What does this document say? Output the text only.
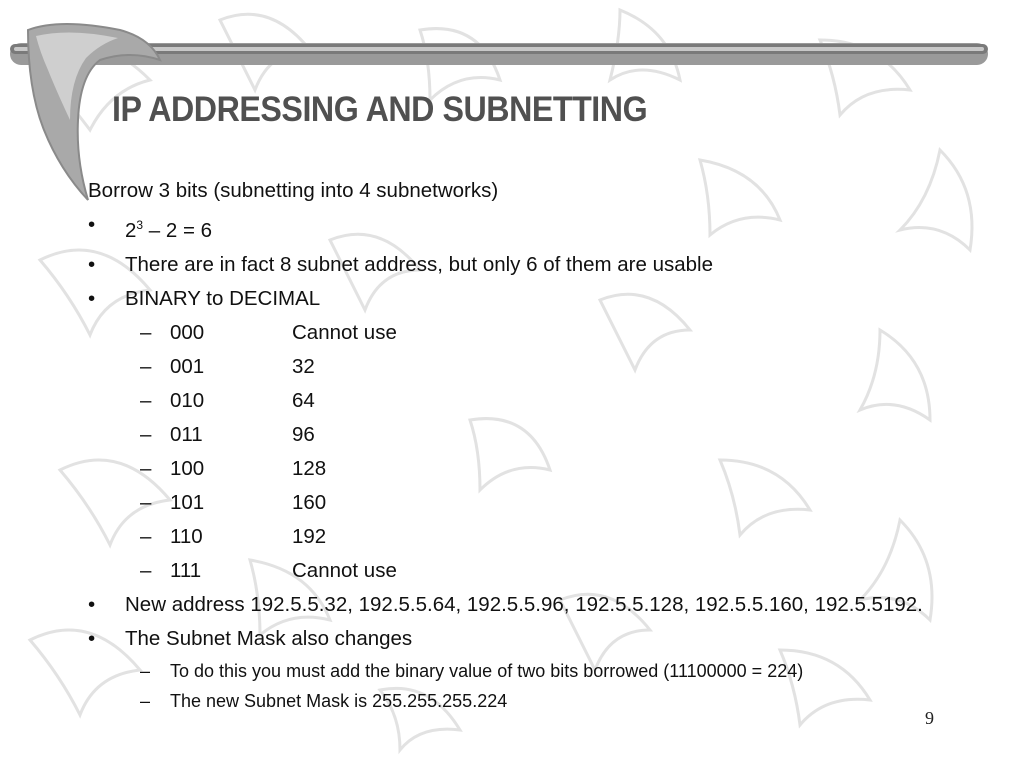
IP ADDRESSING AND SUBNETTING
Borrow 3 bits (subnetting into 4 subnetworks)
• $2^3 - 2 = 6$
• There are in fact 8 subnet address, but only 6 of them are usable
• BINARY to DECIMAL
– 000	Cannot use
– 001	32
– 010	64
– 011	96
– 100	128
– 101	160
– 110	192
– 111	Cannot use
• New address 192.5.5.32, 192.5.5.64, 192.5.5.96, 192.5.5.128, 192.5.5.160, 192.5.5192.
• The Subnet Mask also changes
– To do this you must add the binary value of two bits borrowed (11100000 = 224)
– The new Subnet Mask is 255.255.255.224
9
